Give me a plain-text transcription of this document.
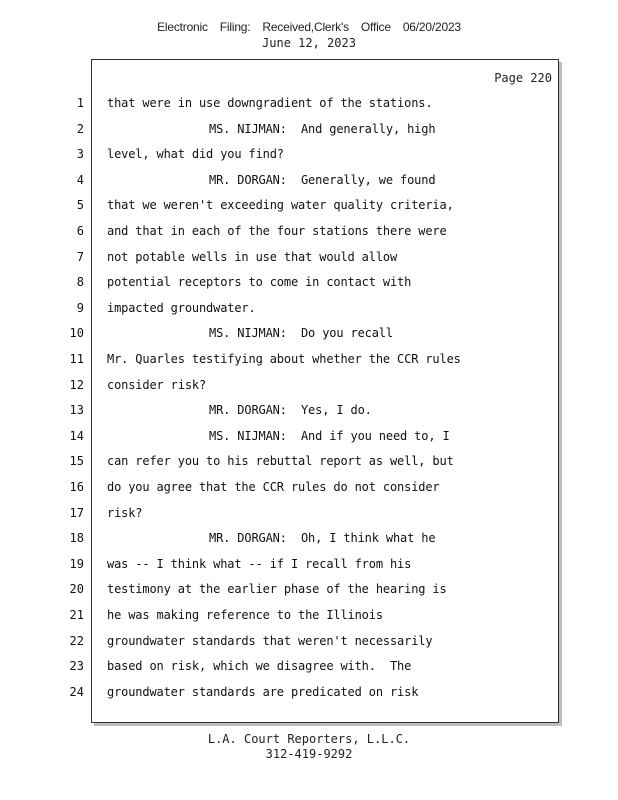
Electronic Filing: Received,Clerk's Office 06/20/2023
June 12, 2023
Page 220
1 that were in use downgradient of the stations.
2	MS. NIJMAN:  And generally, high
3 level, what did you find?
4	MR. DORGAN:  Generally, we found
5 that we weren't exceeding water quality criteria,
6 and that in each of the four stations there were
7 not potable wells in use that would allow
8 potential receptors to come in contact with
9 impacted groundwater.
10	MS. NIJMAN:  Do you recall
11 Mr. Quarles testifying about whether the CCR rules
12 consider risk?
13	MR. DORGAN:  Yes, I do.
14	MS. NIJMAN:  And if you need to, I
15 can refer you to his rebuttal report as well, but
16 do you agree that the CCR rules do not consider
17 risk?
18	MR. DORGAN:  Oh, I think what he
19 was -- I think what -- if I recall from his
20 testimony at the earlier phase of the hearing is
21 he was making reference to the Illinois
22 groundwater standards that weren't necessarily
23 based on risk, which we disagree with.  The
24 groundwater standards are predicated on risk
L.A. Court Reporters, L.L.C.
312-419-9292
